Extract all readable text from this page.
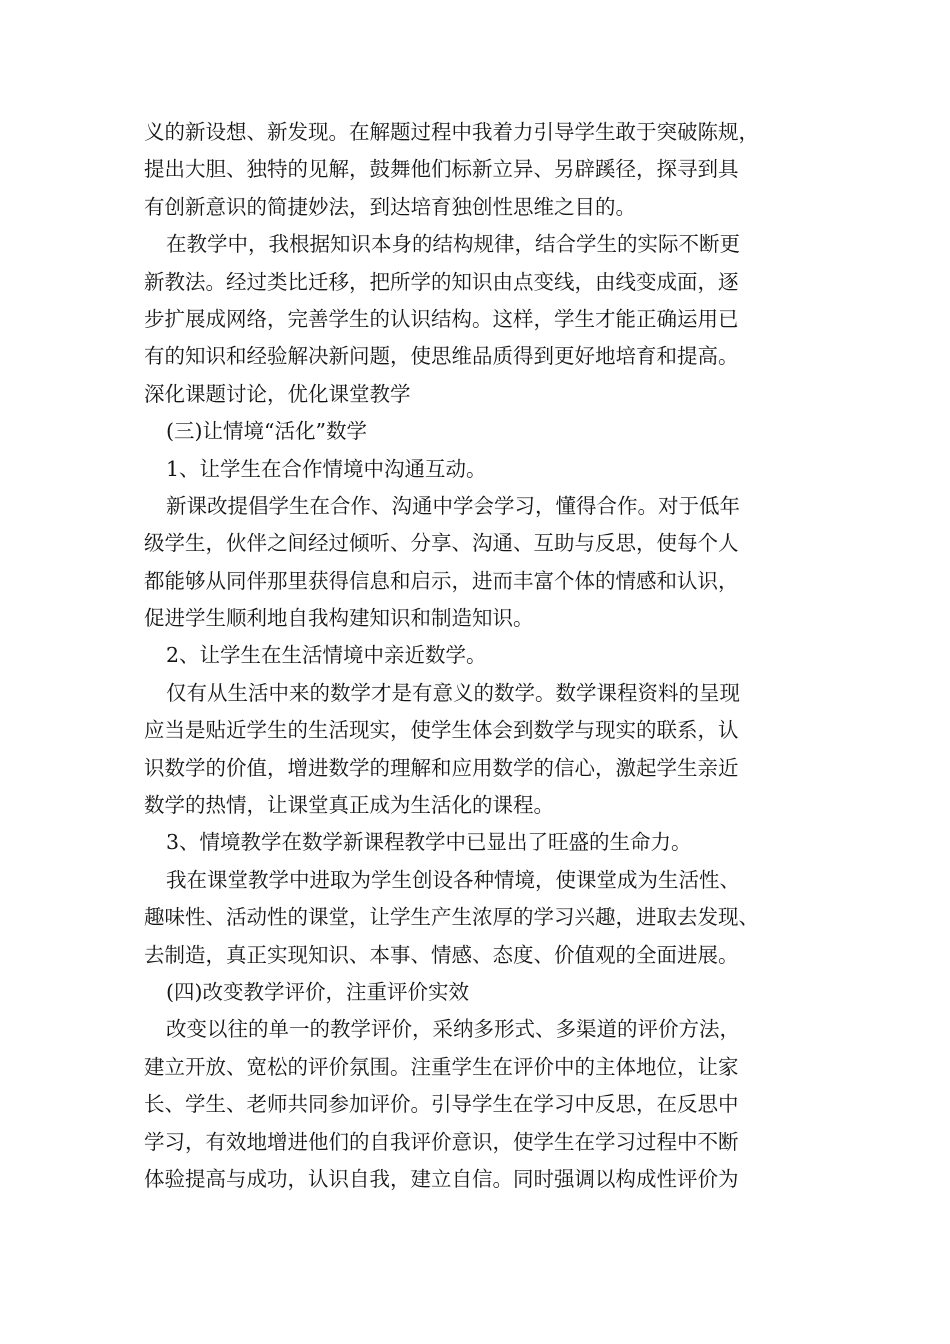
义的新设想、新发现。在解题过程中我着力引导学生敢于突破陈规，
提出大胆、独特的见解，鼓舞他们标新立异、另辟蹊径，探寻到具
有创新意识的简捷妙法，到达培育独创性思维之目的。
在教学中，我根据知识本身的结构规律，结合学生的实际不断更
新教法。经过类比迁移，把所学的知识由点变线，由线变成面，逐
步扩展成网络，完善学生的认识结构。这样，学生才能正确运用已
有的知识和经验解决新问题，使思维品质得到更好地培育和提高。
深化课题讨论，优化课堂教学
(三)让情境“活化”数学
1、让学生在合作情境中沟通互动。
新课改提倡学生在合作、沟通中学会学习，懂得合作。对于低年
级学生，伙伴之间经过倾听、分享、沟通、互助与反思，使每个人
都能够从同伴那里获得信息和启示，进而丰富个体的情感和认识，
促进学生顺利地自我构建知识和制造知识。
2、让学生在生活情境中亲近数学。
仅有从生活中来的数学才是有意义的数学。数学课程资料的呈现
应当是贴近学生的生活现实，使学生体会到数学与现实的联系，认
识数学的价值，增进数学的理解和应用数学的信心，激起学生亲近
数学的热情，让课堂真正成为生活化的课程。
3、情境教学在数学新课程教学中已显出了旺盛的生命力。
我在课堂教学中进取为学生创设各种情境，使课堂成为生活性、
趣味性、活动性的课堂，让学生产生浓厚的学习兴趣，进取去发现、
去制造，真正实现知识、本事、情感、态度、价值观的全面进展。
(四)改变教学评价，注重评价实效
改变以往的单一的教学评价，采纳多形式、多渠道的评价方法，
建立开放、宽松的评价氛围。注重学生在评价中的主体地位，让家
长、学生、老师共同参加评价。引导学生在学习中反思，在反思中
学习，有效地增进他们的自我评价意识，使学生在学习过程中不断
体验提高与成功，认识自我，建立自信。同时强调以构成性评价为
